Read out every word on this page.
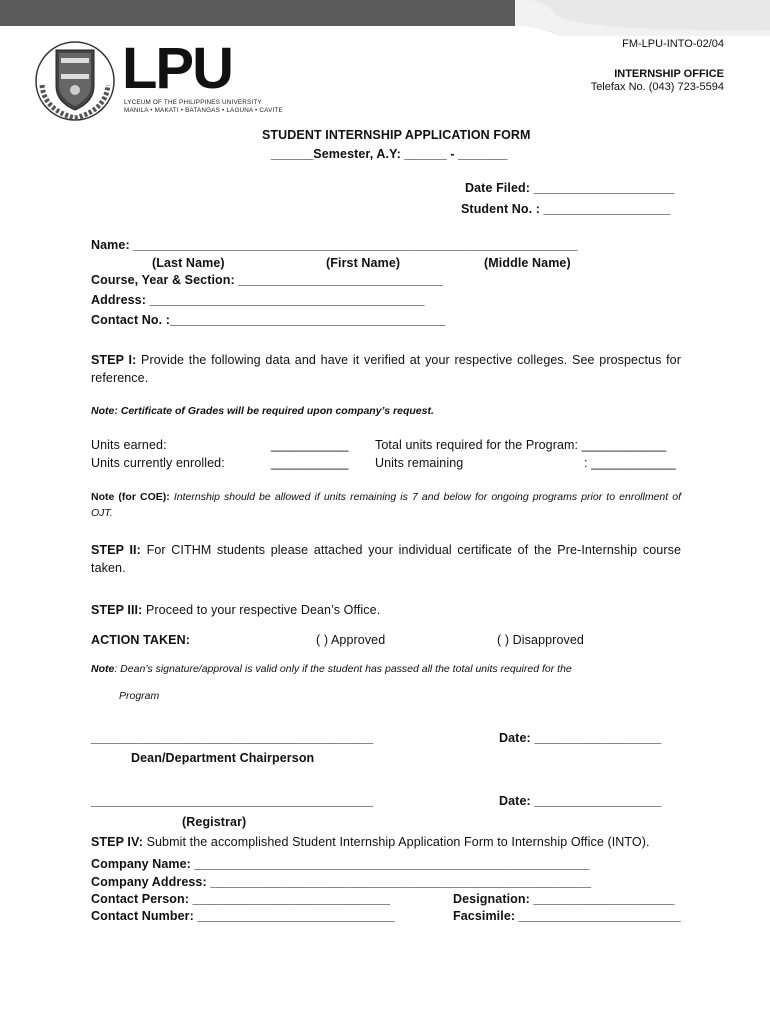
FM-LPU-INTO-02/04
INTERNSHIP OFFICE
Telefax No. (043) 723-5594
LPU
LYCEUM OF THE PHILIPPINES UNIVERSITY
MANILA • MAKATI • BATANGAS • LAGUNA • CAVITE
STUDENT INTERNSHIP APPLICATION FORM
______Semester, A.Y: ______ - _______
Date Filed: ____________________
Student No. : __________________
Name: _______________________________________________________________
(Last Name)	(First Name)	(Middle Name)
Course, Year & Section: _____________________________
Address: _______________________________________
Contact No. :_______________________________________
STEP I: Provide the following data and have it verified at your respective colleges. See prospectus for reference.
Note: Certificate of Grades will be required upon company’s request.
Units earned:	___________ Total units required for the Program: ____________
Units currently enrolled:	___________ Units remaining	: ____________
Note (for COE): Internship should be allowed if units remaining is 7 and below for ongoing programs prior to enrollment of OJT.
STEP II: For CITHM students please attached your individual certificate of the Pre-Internship course taken.
STEP III: Proceed to your respective Dean’s Office.
ACTION TAKEN:	( ) Approved	( ) Disapproved
Note: Dean’s signature/approval is valid only if the student has passed all the total units required for the
Program
________________________________________	Date: __________________
Dean/Department Chairperson
________________________________________	Date: __________________
(Registrar)
STEP IV: Submit the accomplished Student Internship Application Form to Internship Office (INTO).
Company Name: ________________________________________________________
Company Address: ______________________________________________________
Contact Person: ____________________________	Designation: ____________________
Contact Number: ____________________________	Facsimile: _______________________
